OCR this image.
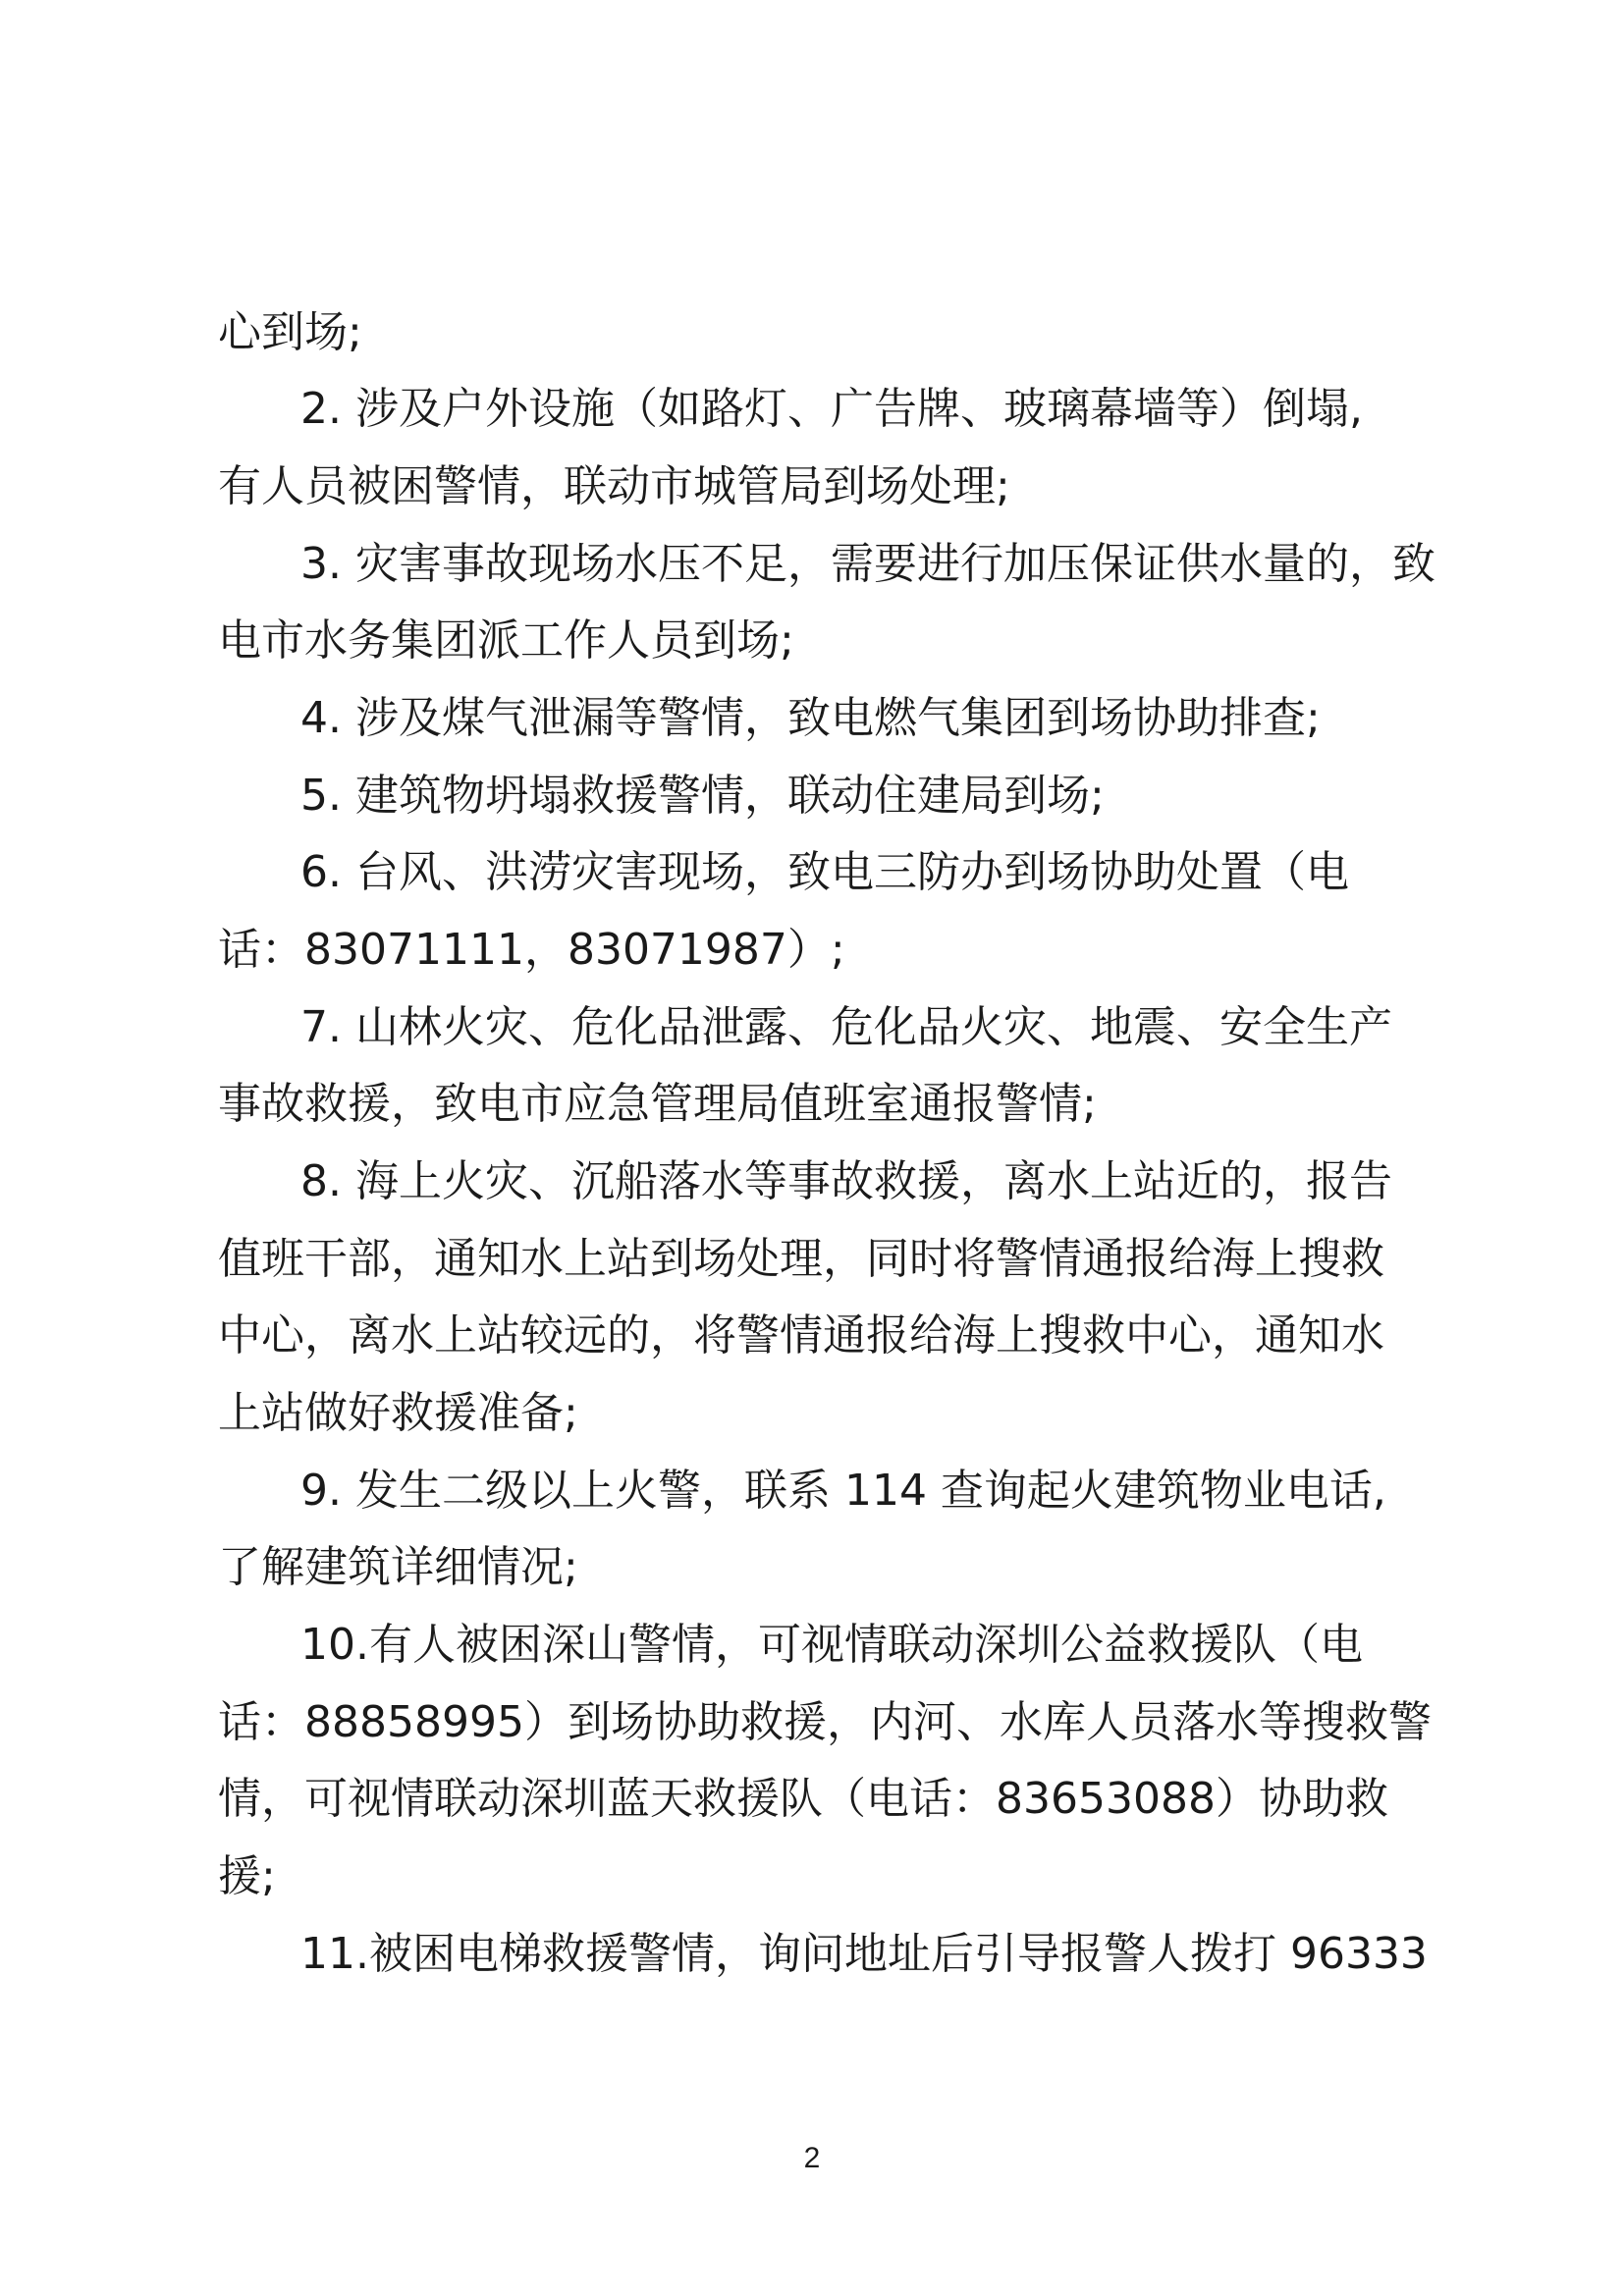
心到场;
2. 涉及户外设施（如路灯、广告牌、玻璃幕墙等）倒塌,
有人员被困警情，联动市城管局到场处理;
3. 灾害事故现场水压不足，需要进行加压保证供水量的，致
电市水务集团派工作人员到场;
4. 涉及煤气泄漏等警情，致电燃气集团到场协助排查;
5. 建筑物坍塌救援警情，联动住建局到场;
6. 台风、洪涝灾害现场，致电三防办到场协助处置（电
话：83071111，83071987）;
7. 山林火灾、危化品泄露、危化品火灾、地震、安全生产
事故救援，致电市应急管理局值班室通报警情;
8. 海上火灾、沉船落水等事故救援，离水上站近的，报告
值班干部，通知水上站到场处理，同时将警情通报给海上搜救
中心，离水上站较远的，将警情通报给海上搜救中心，通知水
上站做好救援准备;
9. 发生二级以上火警，联系 114 查询起火建筑物业电话,
了解建筑详细情况;
10.有人被困深山警情，可视情联动深圳公益救援队（电
话：88858995）到场协助救援，内河、水库人员落水等搜救警
情，可视情联动深圳蓝天救援队（电话：83653088）协助救
援;
11.被困电梯救援警情，询问地址后引导报警人拨打 96333
2
